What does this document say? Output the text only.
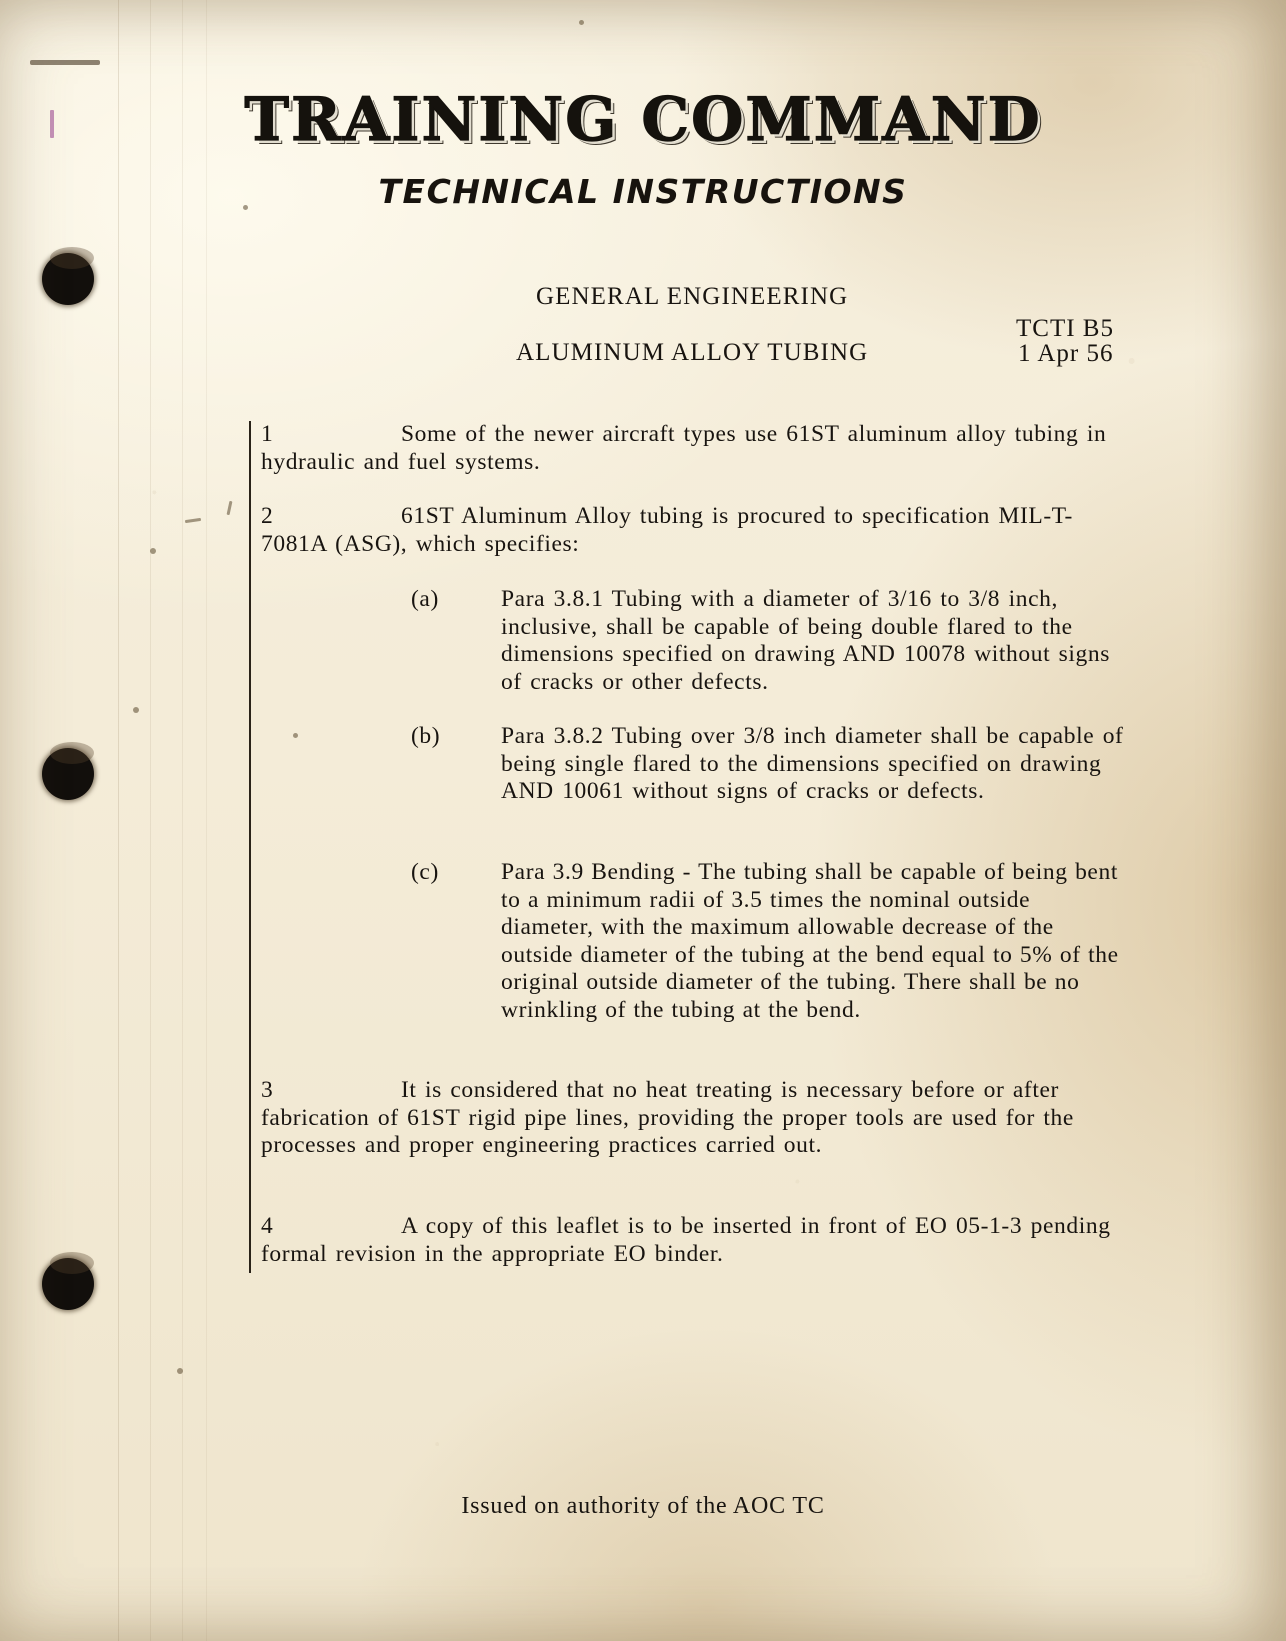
TRAINING COMMAND
TECHNICAL INSTRUCTIONS
GENERAL ENGINEERING
ALUMINUM ALLOY TUBING
TCTI B5
1 Apr 56
1	Some of the newer aircraft types use 61ST aluminum alloy tubing in hydraulic and fuel systems.
2	61ST Aluminum Alloy tubing is procured to specification MIL-T-7081A (ASG), which specifies:
(a)	Para 3.8.1 Tubing with a diameter of 3/16 to 3/8 inch, inclusive, shall be capable of being double flared to the dimensions specified on drawing AND 10078 without signs of cracks or other defects.
(b)	Para 3.8.2 Tubing over 3/8 inch diameter shall be capable of being single flared to the dimensions specified on drawing AND 10061 without signs of cracks or defects.
(c)	Para 3.9 Bending - The tubing shall be capable of being bent to a minimum radii of 3.5 times the nominal outside diameter, with the maximum allowable decrease of the outside diameter of the tubing at the bend equal to 5% of the original outside diameter of the tubing. There shall be no wrinkling of the tubing at the bend.
3	It is considered that no heat treating is necessary before or after fabrication of 61ST rigid pipe lines, providing the proper tools are used for the processes and proper engineering practices carried out.
4	A copy of this leaflet is to be inserted in front of EO 05-1-3 pending formal revision in the appropriate EO binder.
Issued on authority of the AOC TC
